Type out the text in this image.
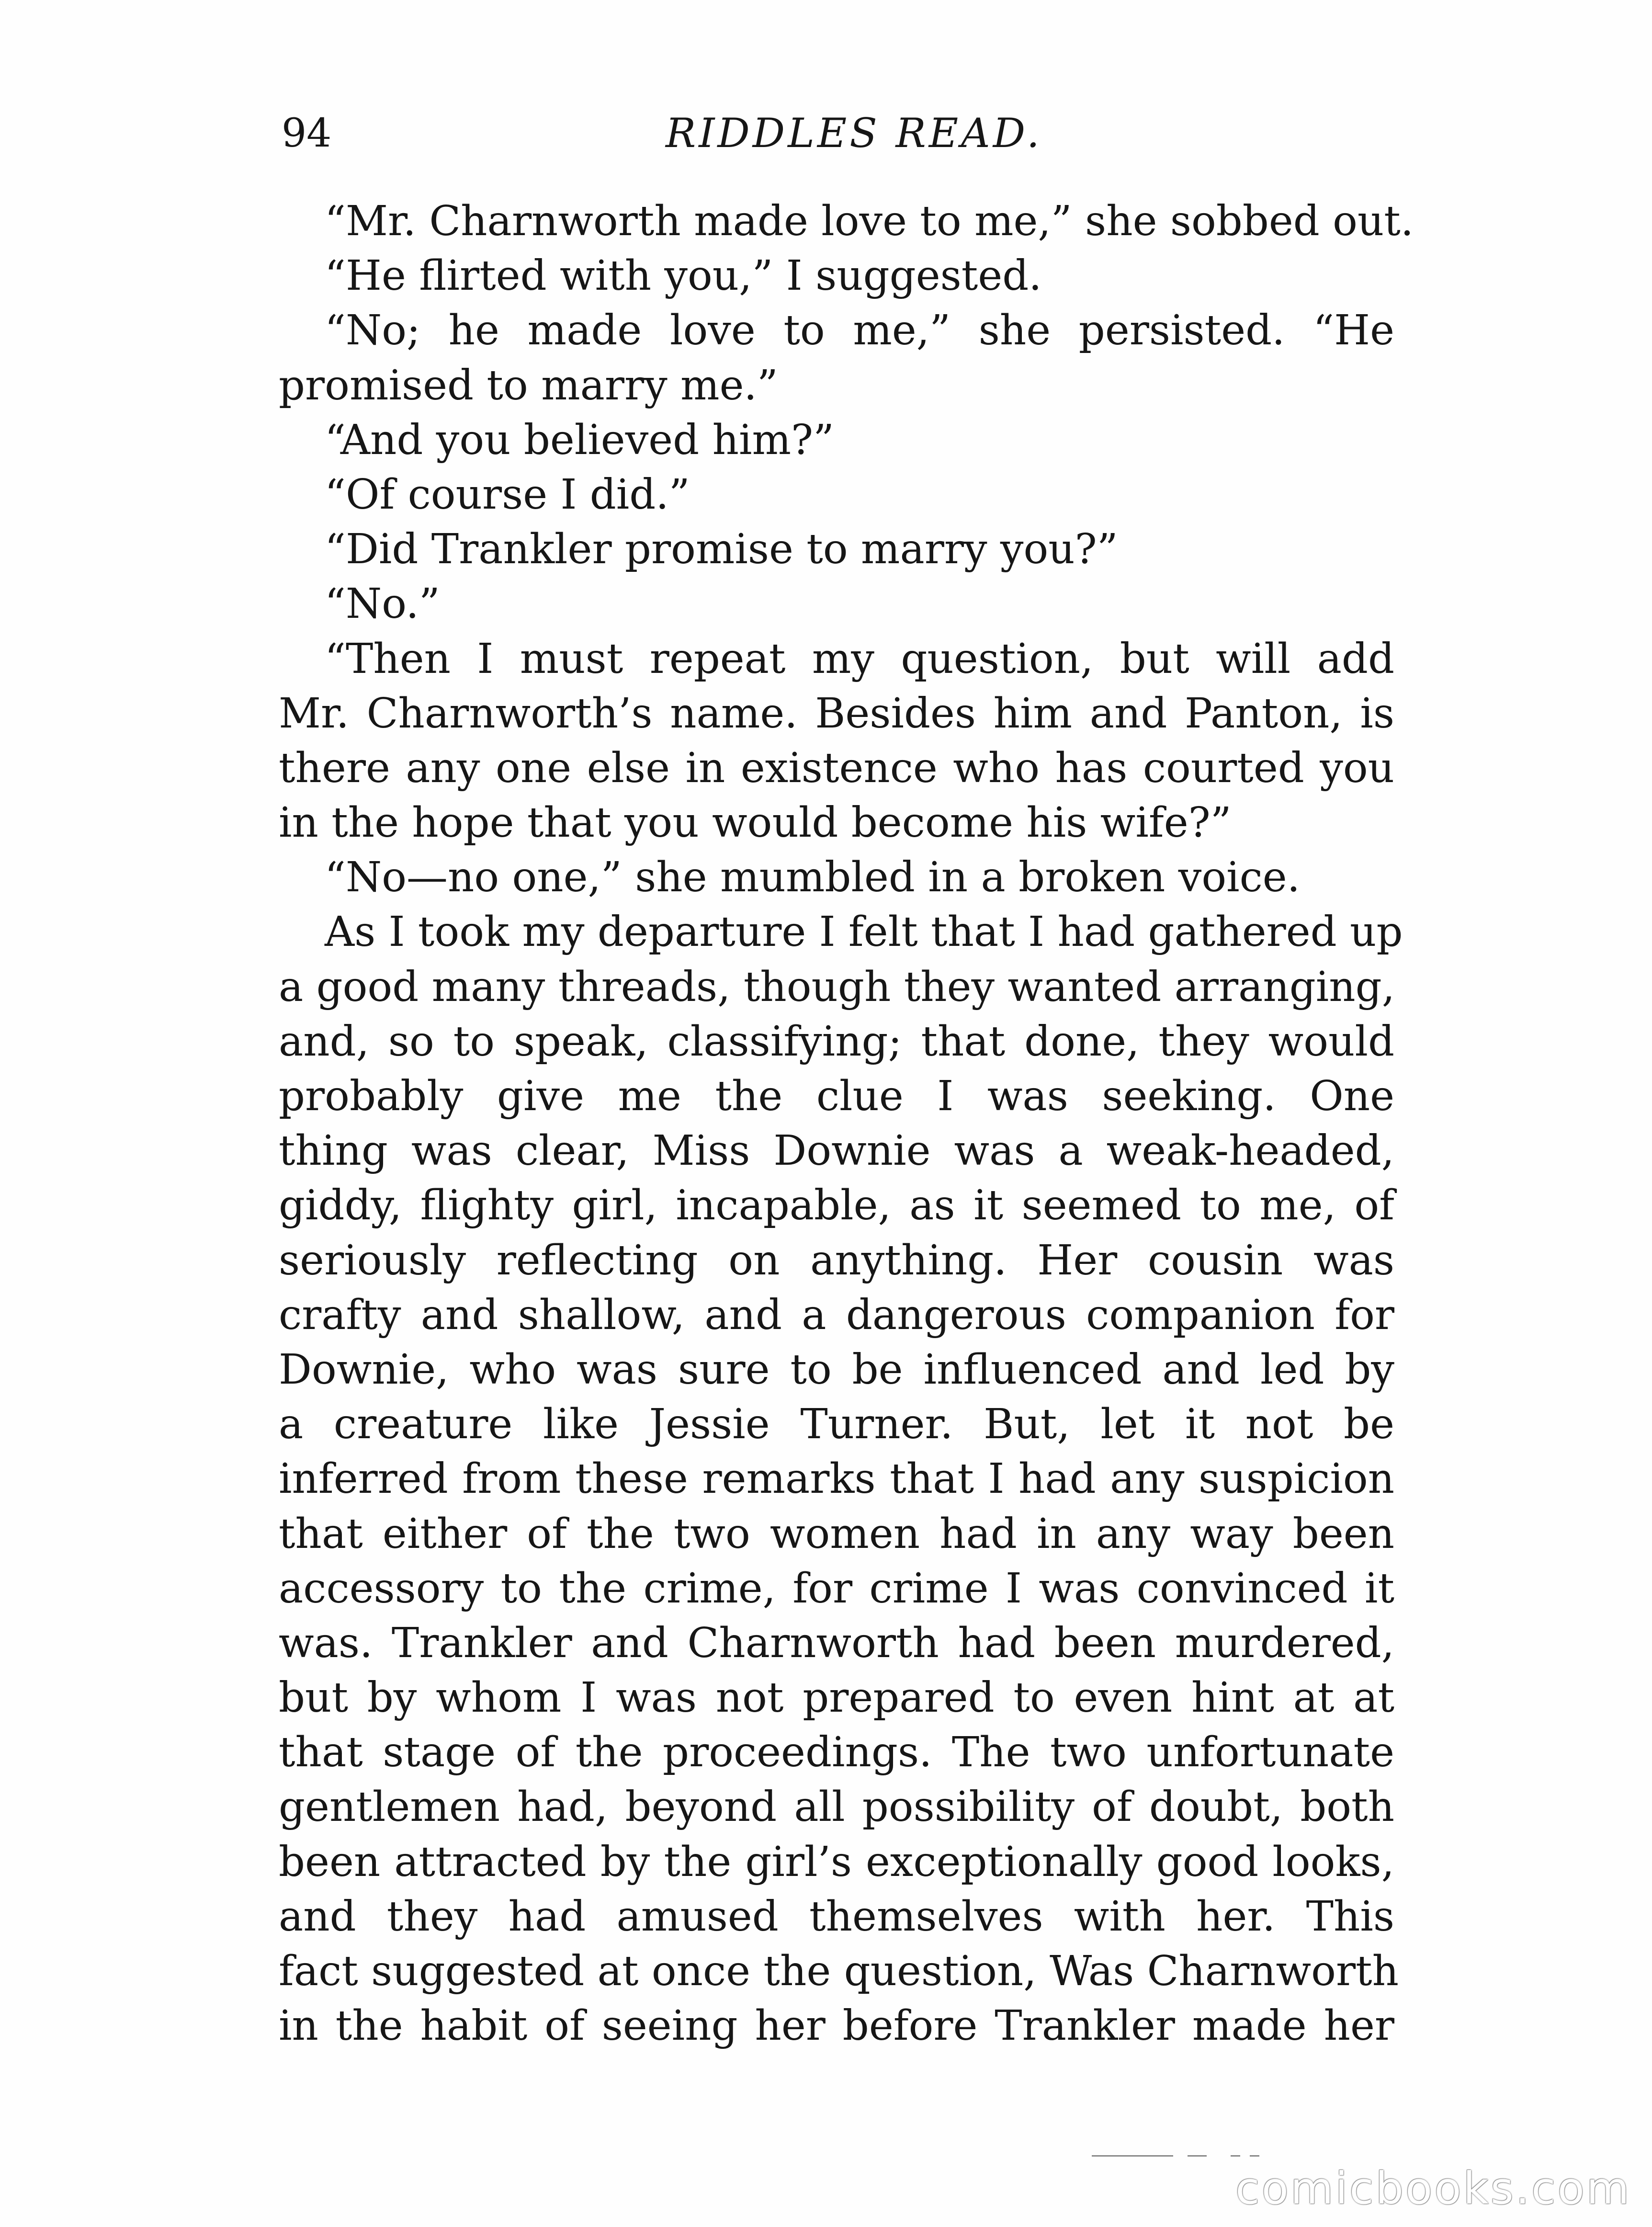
94	RIDDLES READ.

“Mr. Charnworth made love to me,” she sobbed out.
“He flirted with you,” I suggested.
“No; he made love to me,” she persisted. “He
promised to marry me.”
“And you believed him?”
“Of course I did.”
“Did Trankler promise to marry you?”
“No.”
“Then I must repeat my question, but will add
Mr. Charnworth’s name. Besides him and Panton, is
there any one else in existence who has courted you
in the hope that you would become his wife?”
“No—no one,” she mumbled in a broken voice.
As I took my departure I felt that I had gathered up
a good many threads, though they wanted arranging,
and, so to speak, classifying; that done, they would
probably give me the clue I was seeking. One
thing was clear, Miss Downie was a weak-headed,
giddy, flighty girl, incapable, as it seemed to me, of
seriously reflecting on anything. Her cousin was
crafty and shallow, and a dangerous companion for
Downie, who was sure to be influenced and led by
a creature like Jessie Turner. But, let it not be
inferred from these remarks that I had any suspicion
that either of the two women had in any way been
accessory to the crime, for crime I was convinced it
was. Trankler and Charnworth had been murdered,
but by whom I was not prepared to even hint at at
that stage of the proceedings. The two unfortunate
gentlemen had, beyond all possibility of doubt, both
been attracted by the girl’s exceptionally good looks,
and they had amused themselves with her. This
fact suggested at once the question, Was Charnworth
in the habit of seeing her before Trankler made her

comicbooks.com
